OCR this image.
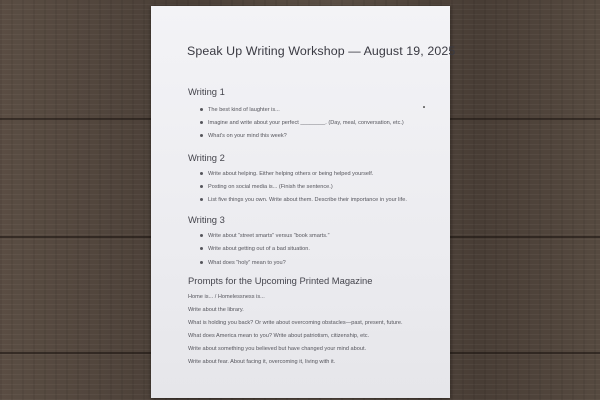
Speak Up Writing Workshop — August 19, 2025
Writing 1
The best kind of laughter is...
Imagine and write about your perfect ________. (Day, meal, conversation, etc.)
What's on your mind this week?
Writing 2
Write about helping. Either helping others or being helped yourself.
Posting on social media is... (Finish the sentence.)
List five things you own. Write about them. Describe their importance in your life.
Writing 3
Write about “street smarts” versus “book smarts.”
Write about getting out of a bad situation.
What does “holy” mean to you?
Prompts for the Upcoming Printed Magazine
Home is... / Homelessness is...
Write about the library.
What is holding you back? Or write about overcoming obstacles—past, present, future.
What does America mean to you? Write about patriotism, citizenship, etc.
Write about something you believed but have changed your mind about.
Write about fear. About facing it, overcoming it, living with it.
